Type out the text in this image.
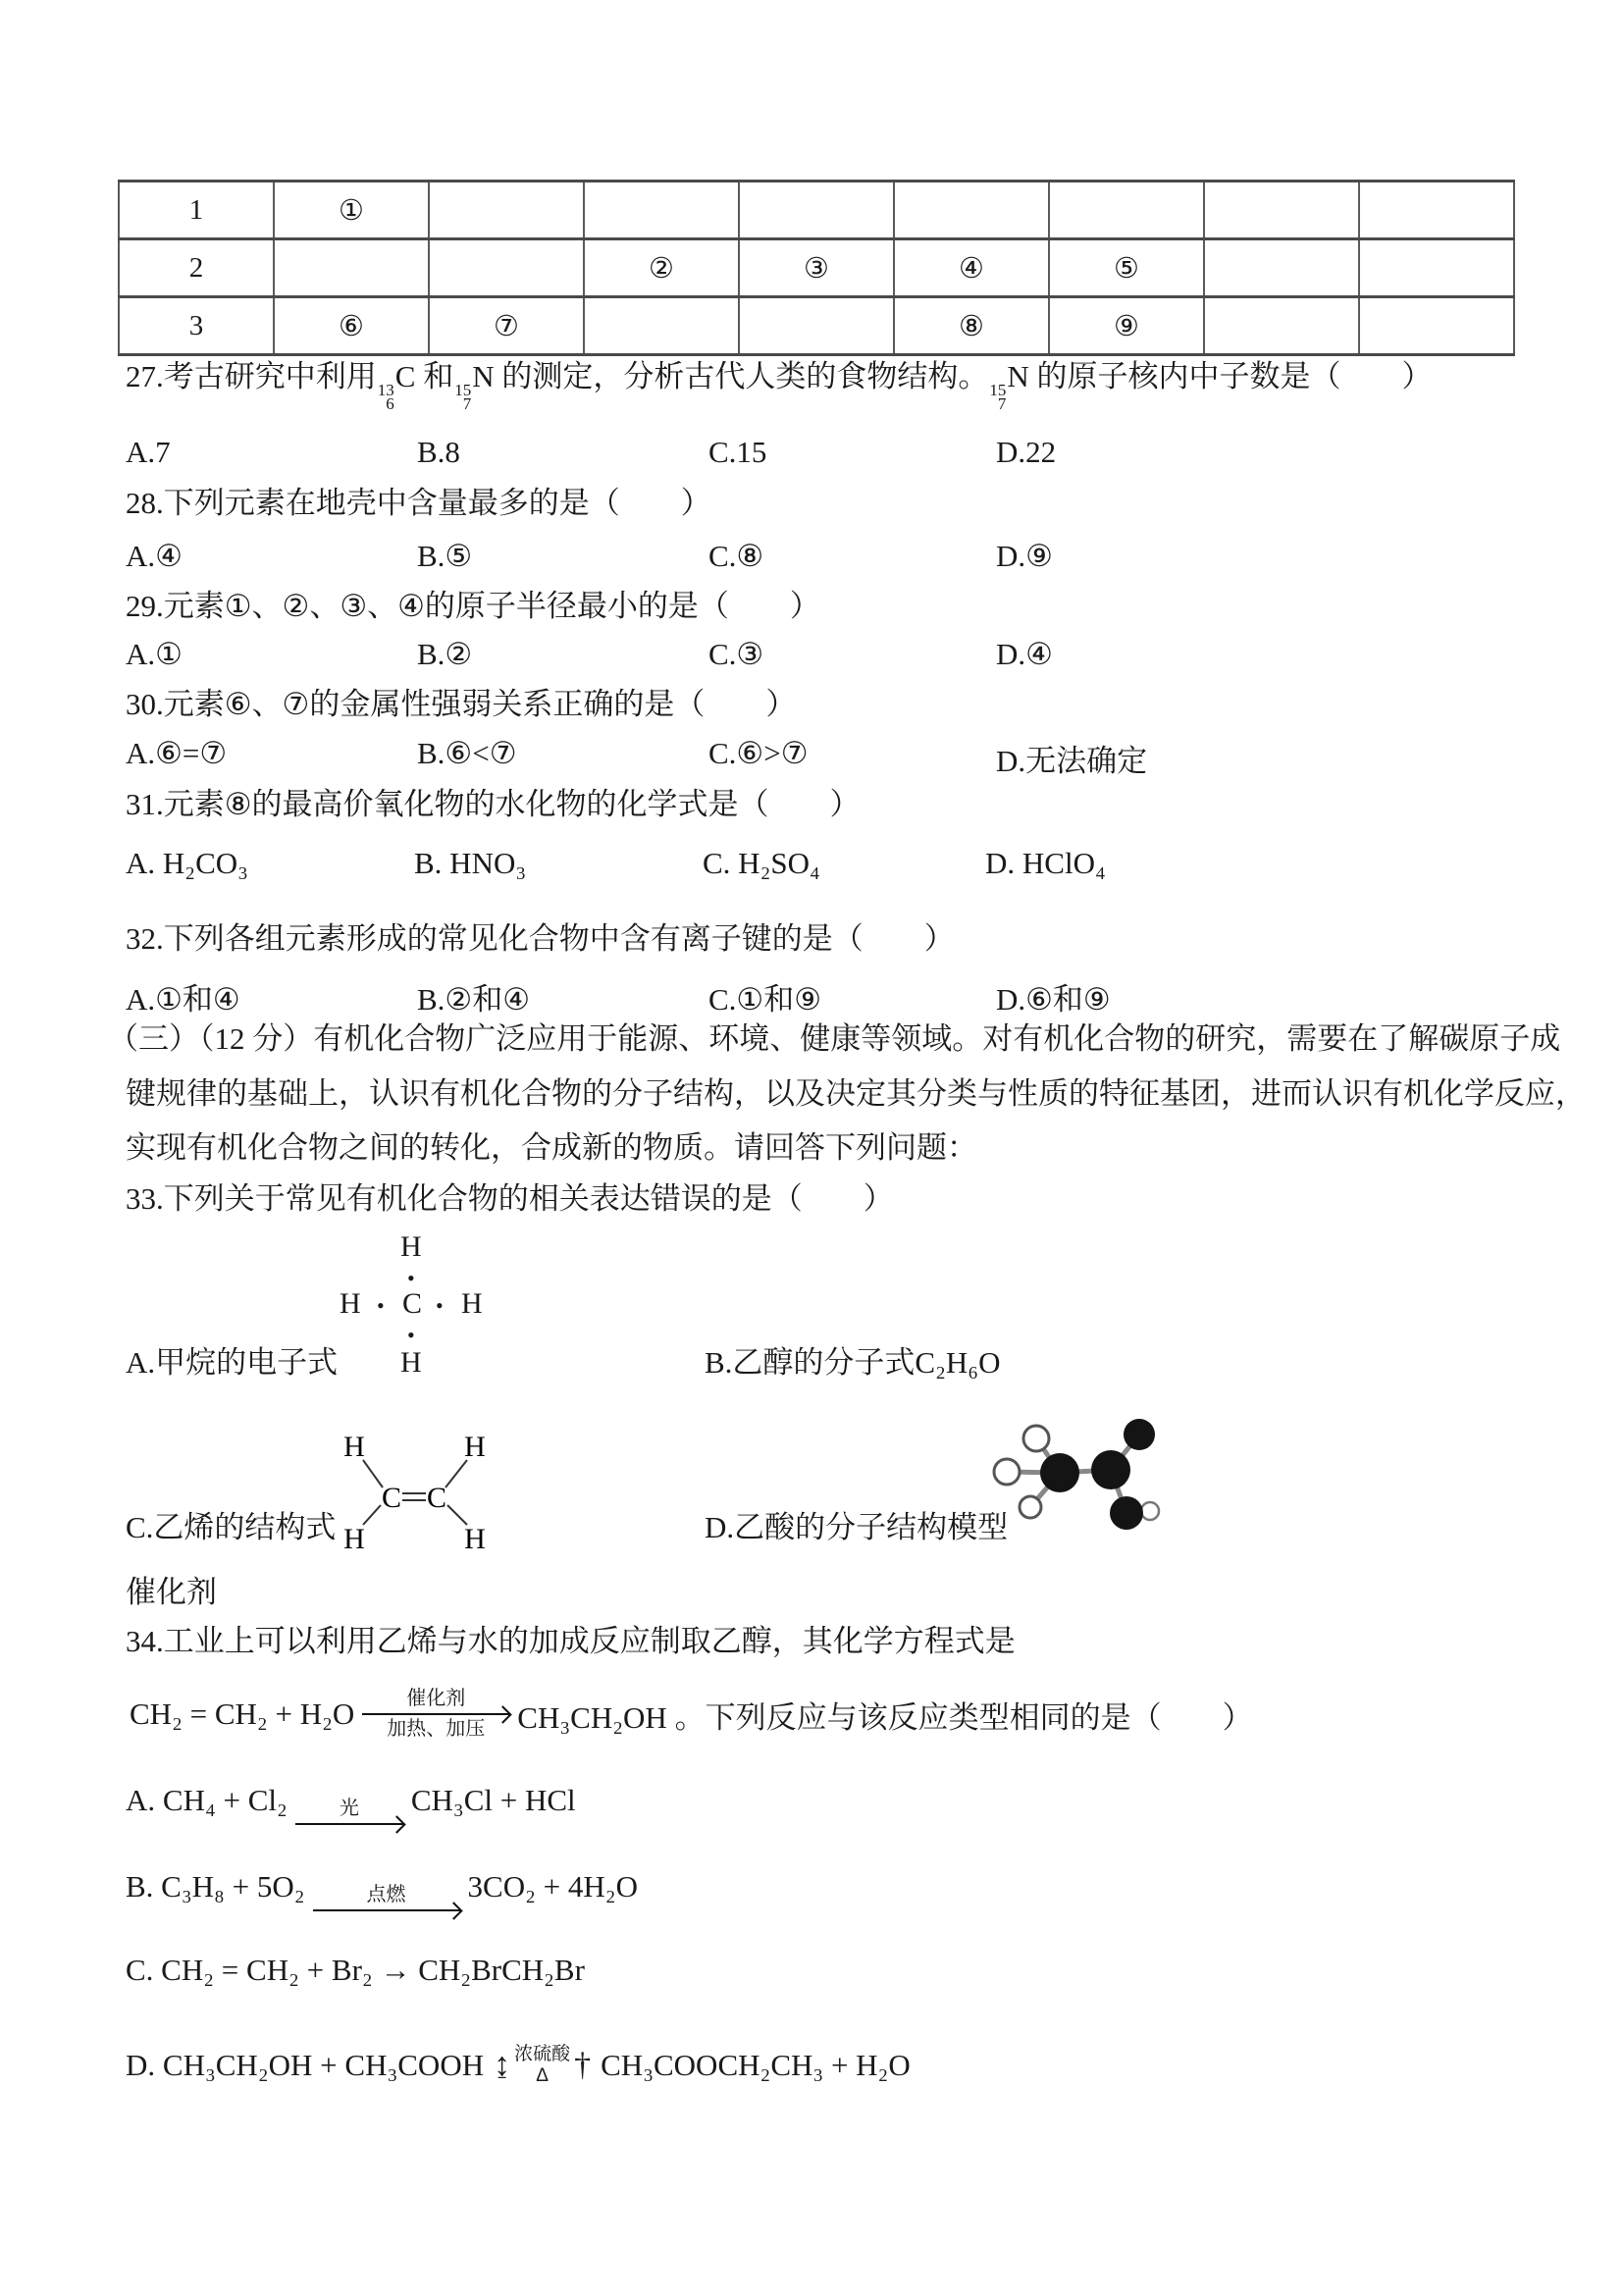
1	①							
2			②	③	④	⑤		
3	⑥	⑦			⑧	⑨		
27.考古研究中利用 13
6
C 和 15
7
N 的测定，分析古代人类的食物结构。 15
7
N 的原子核内中子数是（　　）
A.7	B.8	C.15	D.22
28.下列元素在地壳中含量最多的是（　　）
A.④	B.⑤	C.⑧	D.⑨
29.元素①、②、③、④的原子半径最小的是（　　）
A.①	B.②	C.③	D.④
30.元素⑥、⑦的金属性强弱关系正确的是（　　）
A.⑥=⑦	B.⑥<⑦	C.⑥>⑦	D.无法确定
31.元素⑧的最高价氧化物的水化物的化学式是（　　）
A. H₂CO₃	B. HNO₃	C. H₂SO₄	D. HClO₄
32.下列各组元素形成的常见化合物中含有离子键的是（　　）
A.①和④	B.②和④	C.①和⑨	D.⑥和⑨
（三）（12 分）有机化合物广泛应用于能源、环境、健康等领域。对有机化合物的研究，需要在了解碳原子成
键规律的基础上，认识有机化合物的分子结构，以及决定其分类与性质的特征基团，进而认识有机化学反应，
实现有机化合物之间的转化，合成新的物质。请回答下列问题：
33.下列关于常见有机化合物的相关表达错误的是（　　）
H
•
H • C • H
•
H
A.甲烷的电子式	B.乙醇的分子式C₂H₆O
H	H
H	H
C C
C.乙烯的结构式	D.乙酸的分子结构模型
催化剂
34.工业上可以利用乙烯与水的加成反应制取乙醇，其化学方程式是
CH₂ = CH₂ + H₂O	催化剂
加热、加压 CH₃CH₂OH 。下列反应与该反应类型相同的是（　　）
A. CH₄ + Cl₂	光 CH₃Cl + HCl
B. C₃H₈ + 5O₂	点燃 3CO₂ + 4H₂O
C. CH₂ = CH₂ + Br₂ → CH₂BrCH₂Br
D. CH₃CH₂OH + CH₃COOH ↨ 浓硫酸
Δ † CH₃COOCH₂CH₃ + H₂O
